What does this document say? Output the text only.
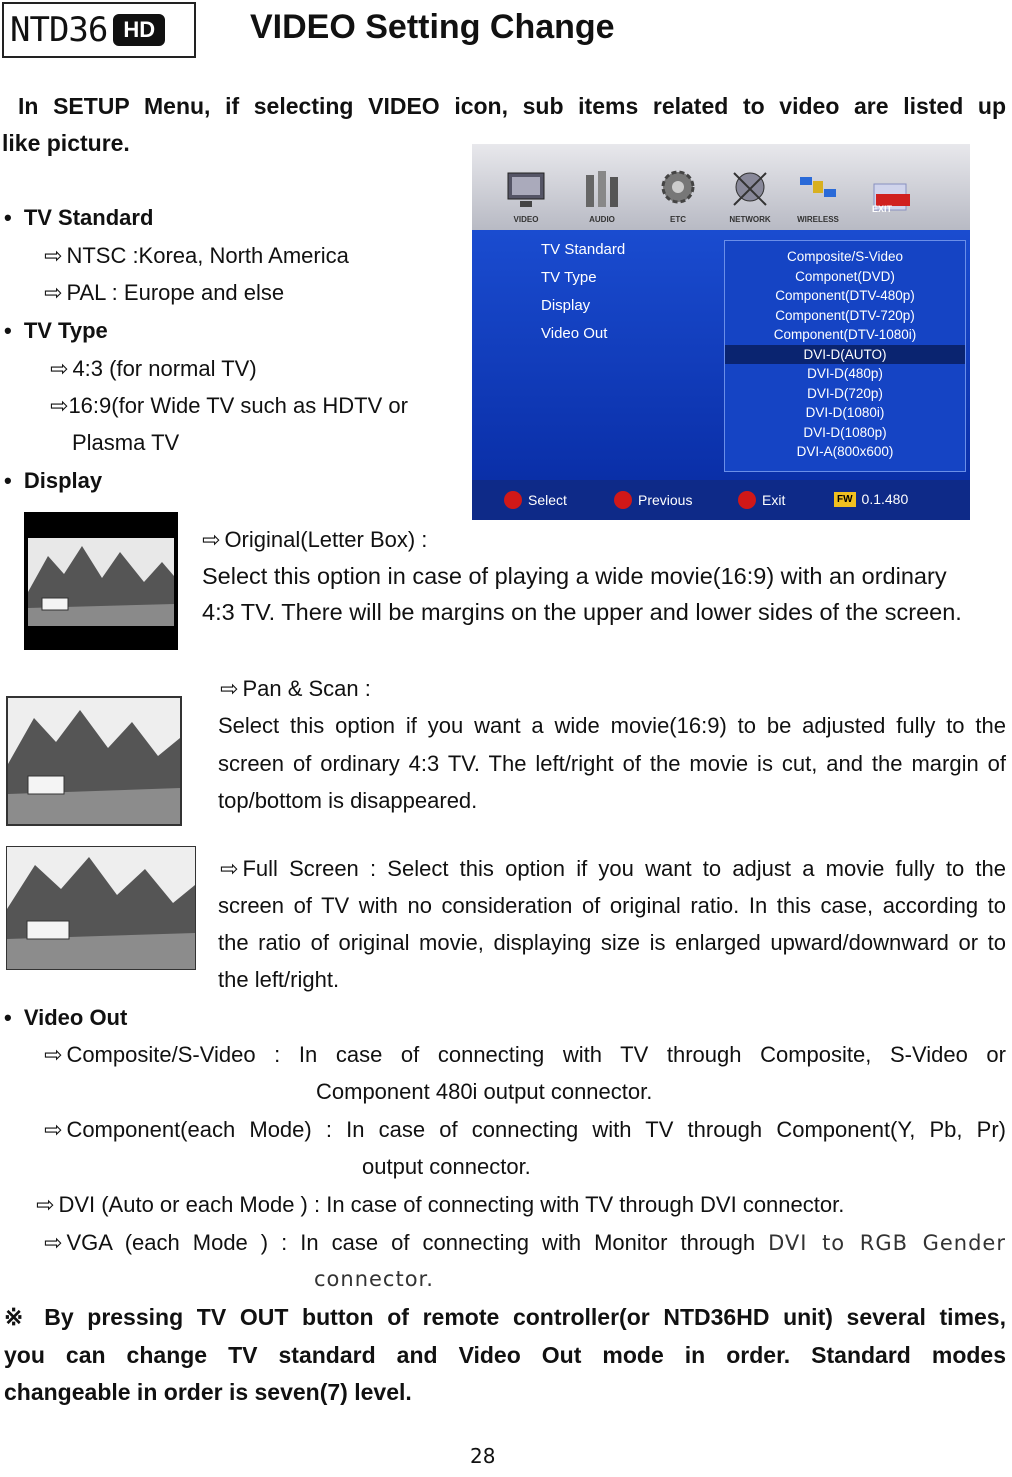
NTD36 HD	VIDEO Setting Change
In SETUP Menu, if selecting VIDEO icon, sub items related to video are listed up
like picture.
• TV Standard
⇨ NTSC :Korea, North America
⇨ PAL : Europe and else
• TV Type
⇨ 4:3 (for normal TV)
⇨16:9(for Wide TV such as HDTV or
Plasma TV
• Display
VIDEO	AUDIO	ETC	NETWORK	WIRELESS
EXIT
TV Standard
TV Type
Display
Video Out
Composite/S-Video
Componet(DVD)
Component(DTV-480p)
Component(DTV-720p)
Component(DTV-1080i)
DVI-D(AUTO)
DVI-D(480p)
DVI-D(720p)
DVI-D(1080i)
DVI-D(1080p)
DVI-A(800x600)
Select	Previous	Exit	FW 0.1.480
⇨ Original(Letter Box) :
Select this option in case of playing a wide movie(16:9) with an ordinary
4:3 TV. There will be margins on the upper and lower sides of the screen.
⇨ Pan & Scan :
Select this option if you want a wide movie(16:9) to be adjusted fully to the
screen of ordinary 4:3 TV. The left/right of the movie is cut, and the margin of
top/bottom is disappeared.
⇨ Full Screen : Select this option if you want to adjust a movie fully to the
screen of TV with no consideration of original ratio. In this case, according to
the ratio of original movie, displaying size is enlarged upward/downward or to
the left/right.
• Video Out
⇨ Composite/S-Video : In case of connecting with TV through Composite, S-Video or
Component 480i output connector.
⇨ Component(each Mode) : In case of connecting with TV through Component(Y, Pb, Pr)
output connector.
⇨ DVI (Auto or each Mode ) : In case of connecting with TV through DVI connector.
⇨ VGA (each Mode ) : In case of connecting with Monitor through DVI to RGB Gender
connector.
※ By pressing TV OUT button of remote controller(or NTD36HD unit) several times,
you can change TV standard and Video Out mode in order. Standard modes
changeable in order is seven(7) level.
28
